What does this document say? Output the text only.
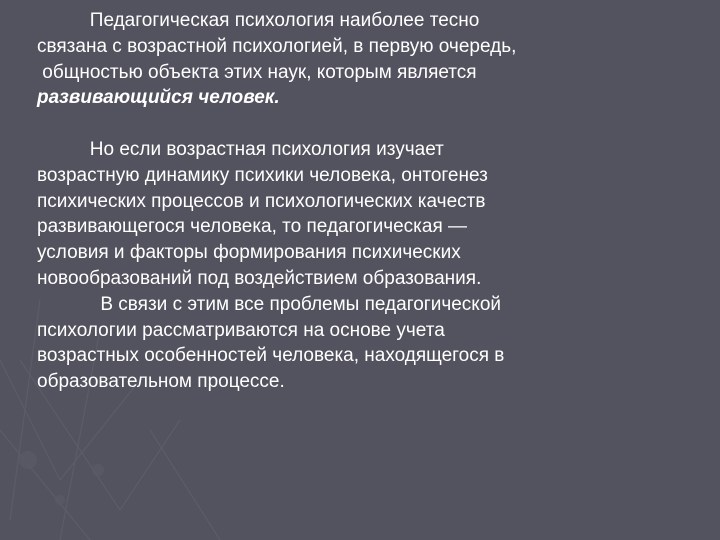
Педагогическая психология наиболее тесно

связана с возрастной психологией, в первую очередь,

общностью объекта этих наук, которым является

развивающийся человек.

Но если возрастная психология изучает

возрастную динамику психики человека, онтогенез

психических процессов и психологических качеств

развивающегося человека, то педагогическая —

условия и факторы формирования психических

новообразований под воздействием образования.

В связи с этим все проблемы педагогической

психологии рассматриваются на основе учета

возрастных особенностей человека, находящегося в

образовательном процессе.
